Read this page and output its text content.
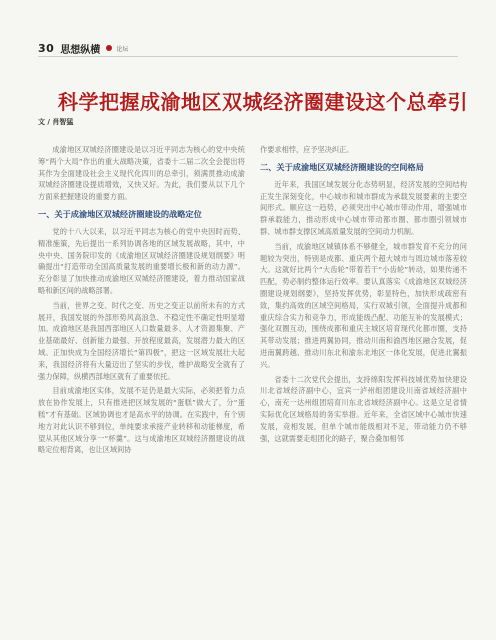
30 思想纵横	论坛
科学把握成渝地区双城经济圈建设这个总牵引
文 / 肖智猛

成渝地区双城经济圈建设是以习近平同志为核心的党中央统筹“两个大局”作出的重大战略决策，省委十二届二次全会提出将其作为全面建设社会主义现代化四川的总牵引，须满贯推动成渝双城经济圈建设提质增效，又快又好。为此，我们要从以下几个方面来把握建设的重要方面。

一、关于成渝地区双城经济圈建设的战略定位

党的十八大以来，以习近平同志为核心的党中央因时而势、精准施策，先后提出一系列协调各地的区域发展战略，其中，中央中央、国务院印发的《成渝地区双城经济圈建设规划纲要》明确提出“打造带动全国高质量发展的重要增长极和新的动力源”。充分彰显了加快推动成渝地区双城经济圈建设，着力推动国家战略和新区间的战略部署。

当前，世界之变、时代之变、历史之变正以前所未有的方式展开，我国发展的外部形势风高浪急、不稳定性不确定性明显增加。成渝地区是我国西部地区人口数量最多、人才资源集聚、产业基础最好、创新能力最强、开放程度最高，发展潜力最大的区域。正加快成为全国经济增长“第四极”，把这一区域发展壮大起来，我国经济将有大量迈出了坚实的步伐，维护战略安全就有了强力保障，纵横西部地区就有了重要依托。

目前成渝地区实体，发展不足仍是最大实际，必须把着力点放在协作发展上，只有推进把区域发展的“蛋糕”做大了，分“蛋糕”才有基础。区域协调也才是高水平的协调。在实践中，有个别地方对此认识不够到位，单纯要求承接产业转移和动能梯度，希望从其他区域分享一“杯羹”。这与成渝地区双城经济圈建设的战略定位相背离，也让区域间协

作要求相悖，应予坚决纠正。

二、关于成渝地区双城经济圈建设的空间格局

近年来，我国区域发展分化态势明显，经济发展的空间结构正发生深刻变化，中心城市和城市群成为承载发展要素的主要空间形式。顺应这一趋势，必须突出中心城市带动作用，增强城市群承载能力，推动形成中心城市带动都市圈、都市圈引领城市群、城市群支撑区域高质量发展的空间动力机制。

当前，成渝地区城镇体系不够健全，城市群发育不充分的问题较为突出，特别是成都、重庆两个超大城市与周边城市落差较大。这就好比两个“大齿轮”带着若干“小齿轮”转动，如果传递不匹配，势必制约整体运行效率。要认真落实《成渝地区双城经济圈建设规划纲要》，坚持发挥优势，彰显特色，加快形成疏密有致，集约高效的区域空间格局，实行双城引领，全面提升成都和重庆综合实力和竞争力，形成能级凸配、功能互补的发展模式；强化双圈互动，围绕成都和重庆主城区培育现代化都市圈，支持其带动发展；推进两翼协同，推动川南和渝西地区融合发展，促进南翼跨越、推动川东北和渝东北地区一体化发展，促进北翼振兴。

省委十二次党代会提出，支持绵阳发挥科技城优势加快建设川北省域经济副中心，宜宾一泸州组团建设川南省域经济副中心，南充一达州组团培育川东北省域经济副中心。这是立足省情实际优化区域格局的务实举措。近年来，全省区域中心城市快速发展，竞相发展，但单个城市能级相对不足，带动能力仍不够强，这就需要走组团化的路子，聚合叠加相邻
